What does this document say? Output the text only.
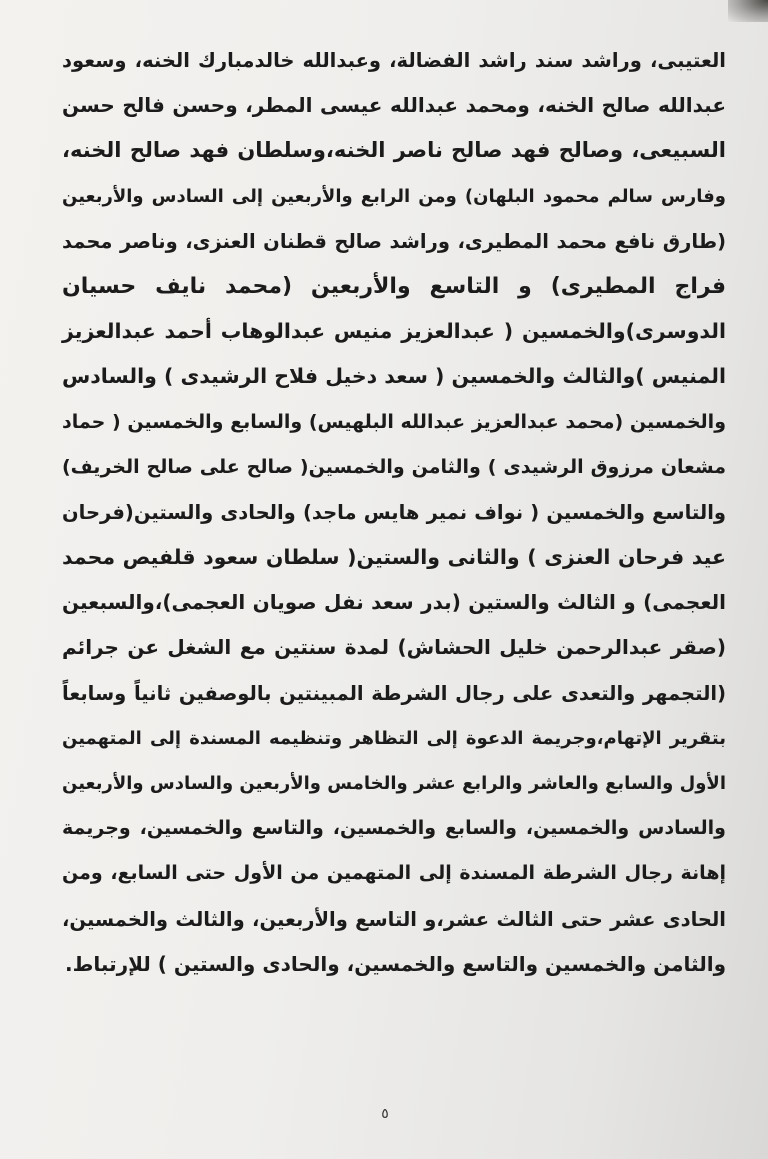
العتيبى، وراشد سند راشد الفضالة، وعبدالله خالدمبارك الخنه، وسعود
عبدالله صالح الخنه، ومحمد عبدالله عيسى المطر، وحسن فالح حسن
السبيعى، وصالح فهد صالح ناصر الخنه،وسلطان فهد صالح الخنه،
وفارس سالم محمود البلهان) ومن الرابع والأربعين إلى السادس والأربعين
(طارق نافع محمد المطيرى، وراشد صالح قطنان العنزى، وناصر محمد
فراج المطيرى) و التاسع والأربعين (محمد نايف حسيان
الدوسرى)والخمسين ( عبدالعزيز منيس عبدالوهاب أحمد عبدالعزيز
المنيس )والثالث والخمسين ( سعد دخيل فلاح الرشيدى ) والسادس
والخمسين (محمد عبدالعزيز عبدالله البلهيس) والسابع والخمسين ( حماد
مشعان مرزوق الرشيدى ) والثامن والخمسين( صالح على صالح الخريف)
والتاسع والخمسين ( نواف نمير هايس ماجد) والحادى والستين(فرحان
عيد فرحان العنزى ) والثانى والستين( سلطان سعود قلفيص محمد
العجمى) و الثالث والستين (بدر سعد نفل صويان العجمى)،والسبعين
(صقر عبدالرحمن خليل الحشاش) لمدة سنتين مع الشغل عن جرائم
(التجمهر والتعدى على رجال الشرطة المبينتين بالوصفين ثانياً وسابعاً
بتقرير الإتهام،وجريمة الدعوة إلى التظاهر وتنظيمه المسندة إلى المتهمين
الأول والسابع والعاشر والرابع عشر والخامس والأربعين والسادس والأربعين
والسادس والخمسين، والسابع والخمسين، والتاسع والخمسين، وجريمة
إهانة رجال الشرطة المسندة إلى المتهمين من الأول حتى السابع، ومن
الحادى عشر حتى الثالث عشر،و التاسع والأربعين، والثالث والخمسين،
والثامن والخمسين والتاسع والخمسين، والحادى والستين ) للإرتباط.
٥
